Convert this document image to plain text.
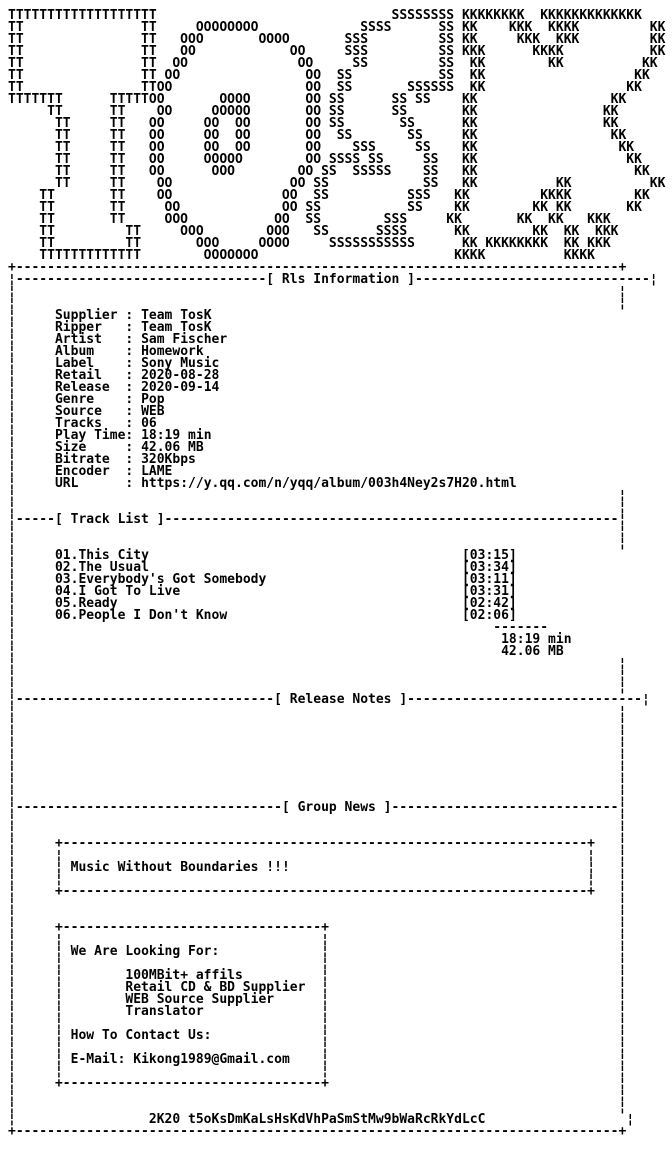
TTTTTTTTTTTTTTTTTTT                              SSSSSSSS KKKKKKKK  KKKKKKKKKKKKK
TT               TT     OOOOOOOO             SSSS      SS KK    KKK  KKKK         KK
TT               TT   OOO       OOOO       SSS         SS KK     KKK  KKK         KK
TT               TT   OO            OO     SSS         SS KKK      KKKK           KK
TT               TT  OO              OO     SS         SS  KK        KK          KK
TT               TT OO                OO  SS           SS  KK                   KK
TT               TTOO                 OO  SS       SSSSSS  KK                  KK
TTTTTTT      TTTTTOO       OOOO       OO SS      SS SS    KK                 KK
TT      TT    OO     OOOOO       OO SS      SS       KK                KK
TT     TT   OO     OO  OO       OO SS       SS      KK                KK
TT     TT   OO     OO  OO       OO  SS       SS     KK                 KK
TT     TT   OO     OO  OO       OO    SSS     SS    KK                  KK
TT     TT   OO     OOOOO        OO SSSS SS     SS   KK                   KK
TT     TT   OO      OOO        OO SS  SSSSS    SS   KK                    KK
TT     TT    OO               OO SS            SS   KK          KK          KK
TT       TT    OO              OO  SS          SSS   KK         KKKK        KK
TT       TT     OO             OO SS           SS    KK        KK KK       KK
TT       TT     OOO           OO  SS        SSS     KK       KK  KK   KKK
TT         TT     OOO        OOO   SS      SSSS      KK        KK  KK  KKK
TT         TT       OOO     OOOO     SSSSSSSSSSS      KK KKKKKKKK  KK KKK
TTTTTTTTTTTTT        OOOOOOO                         KKKK          KKKK
+-----------------------------------------------------------------------------+
¦--------------------------------[ Rls Information ]------------------------------¦
¦                                                                             ¦
¦                                                                             ¦
¦	Supplier : Team TosK
¦	Ripper   : Team TosK
¦	Artist   : Sam Fischer
¦	Album    : Homework
¦	Label    : Sony Music
¦	Retail   : 2020-08-28
¦	Release  : 2020-09-14
¦	Genre    : Pop
¦	Source   : WEB
¦	Tracks   : 06
¦	Play Time: 18:19 min
¦	Size     : 42.06 MB
¦	Bitrate  : 320Kbps
¦	Encoder  : LAME
¦	URL      : https://y.qq.com/n/yqq/album/003h4Ney2s7H20.html
¦                                                                             ¦
¦                                                                             ¦
¦-----[ Track List ]----------------------------------------------------------¦
¦                                                                             ¦
¦                                                                             ¦
¦	01.This City	[03:15]
¦	02.The Usual	[03:34]
¦	03.Everybody's Got Somebody	[03:11]
¦	04.I Got To Live	[03:31]
¦	05.Ready	[02:42]
¦	06.People I Don't Know	[02:06]
¦	-------
¦	18:19 min
¦	42.06 MB
¦                                                                             ¦
¦                                                                             ¦
¦                                                                             ¦
¦---------------------------------[ Release Notes ]------------------------------¦
¦                                                                             ¦
¦                                                                             ¦
¦                                                                             ¦
¦                                                                             ¦
¦                                                                             ¦
¦                                                                             ¦
¦                                                                             ¦
¦                                                                             ¦
¦----------------------------------[ Group News ]-----------------------------¦
¦                                                                             ¦
¦                                                                             ¦
¦     +-------------------------------------------------------------------+   ¦
¦     ¦                                                                   ¦   ¦
¦     ¦ Music Without Boundaries !!!	¦   ¦
¦     ¦                                                                   ¦   ¦
¦     +-------------------------------------------------------------------+   ¦
¦                                                                             ¦
¦                                                                             ¦
¦     +---------------------------------+                                     ¦
¦     ¦                                 ¦                                     ¦
¦     ¦ We Are Looking For:	¦                                     ¦
¦     ¦                                 ¦                                     ¦
¦     ¦	100MBit+ affils	¦                                     ¦
¦     ¦	Retail CD & BD Supplier  ¦                                     ¦
¦     ¦	WEB Source Supplier	¦                                     ¦
¦     ¦	Translator	¦                                     ¦
¦     ¦                                 ¦                                     ¦
¦     ¦ How To Contact Us:	¦                                     ¦
¦     ¦                                 ¦                                     ¦
¦     ¦ E-Mail: Kikong1989@Gmail.com    ¦                                     ¦
¦     ¦                                 ¦                                     ¦
¦     +---------------------------------+                                     ¦
¦                                                                             ¦
¦                                                                             ¦
¦	2K20 t5oKsDmKaLsHsKdVhPaSmStMw9bWaRcRkYdLcC	¦
+-----------------------------------------------------------------------------+
